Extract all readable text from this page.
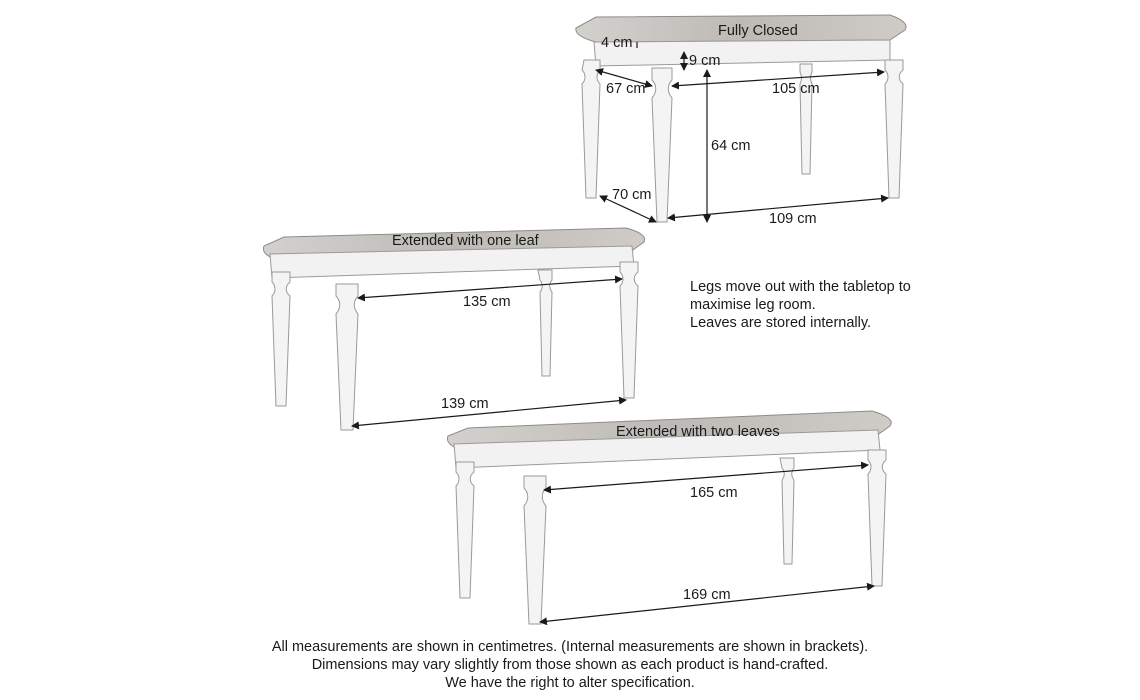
Fully Closed
4 cm
9 cm
67 cm	105 cm
64 cm
70 cm
109 cm
Extended with one leaf
135 cm
139 cm
Extended with two leaves
165 cm
169 cm
Legs move out with the tabletop to
maximise leg room.
Leaves are stored internally.
All measurements are shown in centimetres. (Internal measurements are shown in brackets).
Dimensions may vary slightly from those shown as each product is hand-crafted.
We have the right to alter specification.
